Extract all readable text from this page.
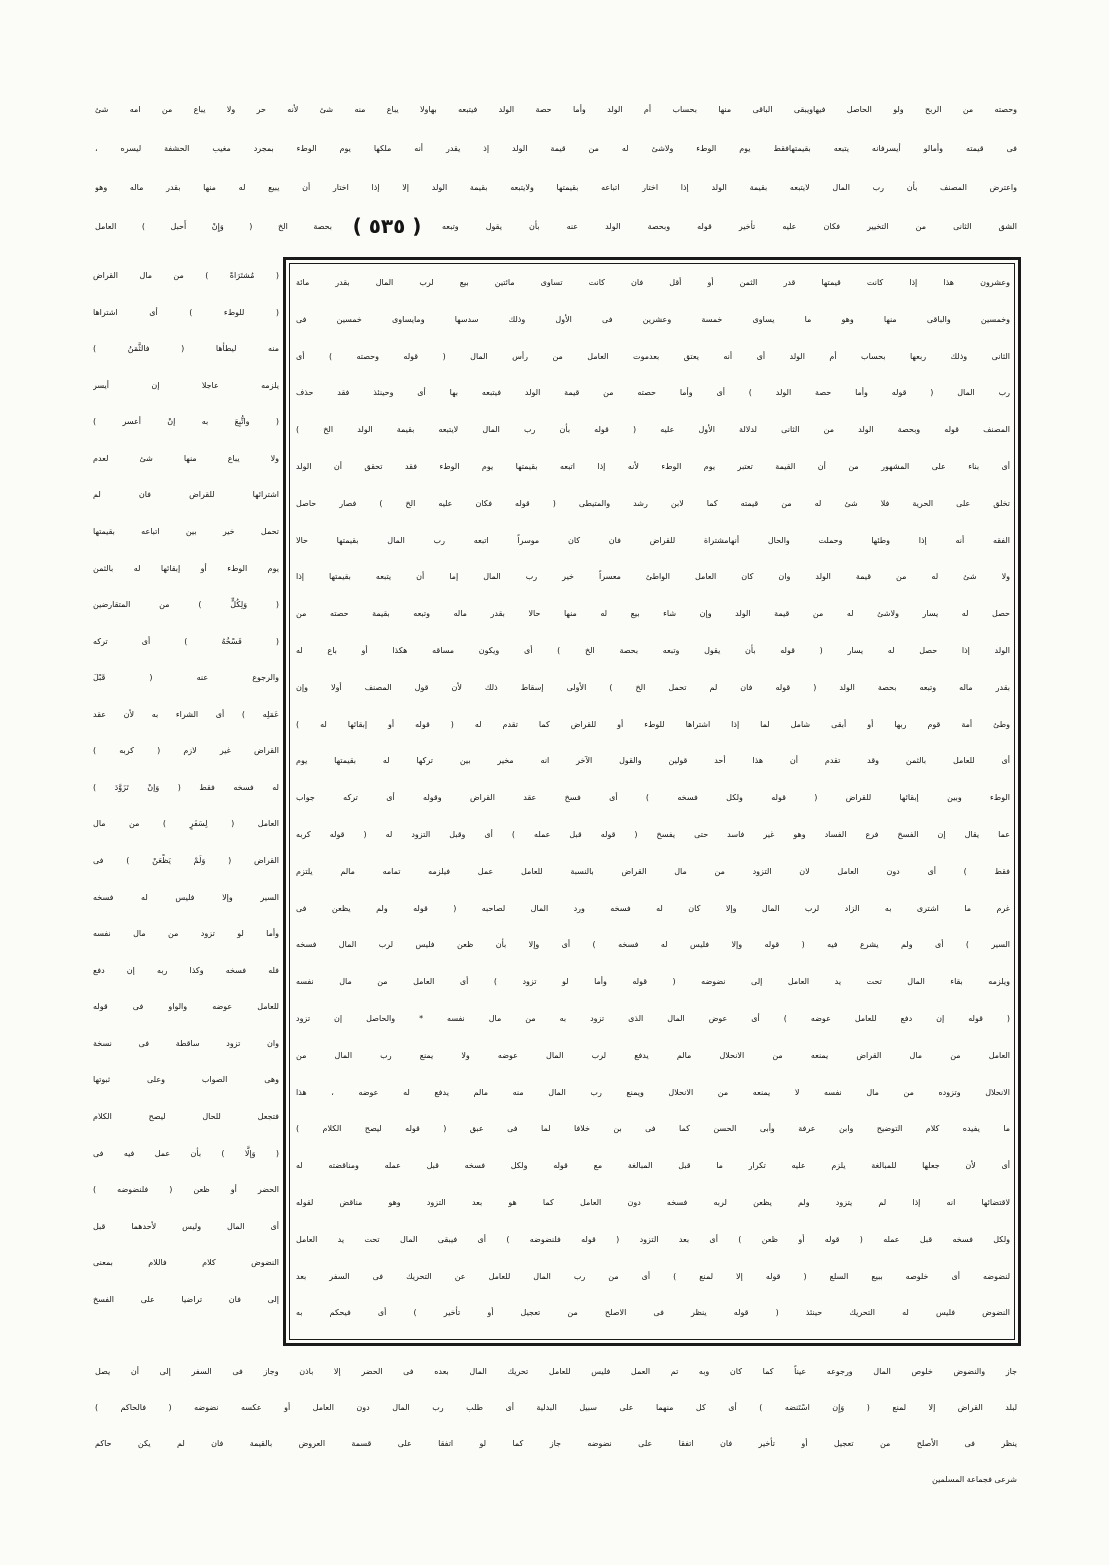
وحصته من الربح ولو الحاصل فيهاويبقى الباقى منها بحساب أم الولد وأما حصة الولد فيتبعه بهاولا يباع منه شئ لأنه حر ولا يباع من امه شئ
فى قيمته وأمالو أيسرفانه يتبعه بقيمتهافقط يوم الوطء ولاشئ له من قيمة الولد إذ يقدر أنه ملكها يوم الوطء بمجرد مغيب الحشفة ليسره ،
واعترض المصنف بأن رب المال لايتبعه بقيمة الولد إذا اختار اتباعه بقيمتها ولايتبعه بقيمة الولد إلا إذا اختار أن يبيع له منها بقدر ماله وهو
الشق الثانى من التخيير فكان عليه تأخير قوله وبحصة الولد عنه بأن يقول وتبعه
( ٥٣٥ )
بحصة الخ ( وَإِنْ أَحبل ) العامل
وعشرون هذا إذا كانت قيمتها قدر الثمن أو أقل فان كانت تساوى مائتين بيع لرب المال بقدر مائة
وخمسين والباقى منها وهو ما يساوى خمسة وعشرين فى الأول وذلك سدسها ومايساوى خمسين فى
الثانى وذلك ربعها بحساب أم الولد أى أنه يعتق بعدموت العامل من رأس المال ( قوله وحصته ) أى
رب المال ( قوله وأما حصة الولد ) أى وأما حصته من قيمة الولد فيتبعه بها أى وحينئذ فقد حذف
المصنف قوله وبحصة الولد من الثانى لدلالة الأول عليه ( قوله بأن رب المال لايتبعه بقيمة الولد الخ )
أى بناء على المشهور من أن القيمة تعتبر يوم الوطء لأنه إذا اتبعه بقيمتها يوم الوطء فقد تحقق أن الولد
تخلق على الحرية فلا شئ له من قيمته كما لابن رشد والمتيطى ( قوله فكان عليه الخ ) فصار حاصل
الفقه أنه إذا وطئها وحملت والحال أنهامشتراة للقراض فان كان موسراً اتبعه رب المال بقيمتها حالا
ولا شئ له من قيمة الولد وان كان العامل الواطئ معسراً خير رب المال إما أن يتبعه بقيمتها إذا
حصل له يسار ولاشئ له من قيمة الولد وإن شاء بيع له منها حالا بقدر ماله وتبعه بقيمة حصته من
الولد إذا حصل له يسار ( قوله بأن يقول وتبعه بحصة الخ ) أى ويكون مساقه هكذا أو باع له
بقدر ماله وتبعه بحصة الولد ( قوله فان لم تحمل الخ ) الأولى إسقاط ذلك لأن قول المصنف أولا وإن
وطئ أمة قوم ربها أو أبقى شامل لما إذا اشتراها للوطء أو للقراض كما تقدم له ( قوله أو إبقائها له )
أى للعامل بالثمن وقد تقدم أن هذا أحد قولين والقول الآخر انه مخير بين تركها له بقيمتها يوم
الوطء وبين إبقائها للقراض ( قوله ولكل فسخه ) أى فسخ عقد القراض وقوله أى تركه جواب
عما يقال إن الفسخ فرع الفساد وهو غير فاسد حتى يفسخ ( قوله قبل عمله ) أى وقبل التزود له ( قوله كربه
فقط ) أى دون العامل لان التزود من مال القراض بالنسبة للعامل عمل فيلزمه تمامه مالم يلتزم
غرم ما اشترى به الزاد لرب المال وإلا كان له فسخه ورد المال لصاحبه ( قوله ولم يظعن فى
السير ) أى ولم يشرع فيه ( قوله وإلا فليس له فسخه ) أى وإلا بأن ظعن فليس لرب المال فسخه
ويلزمه بقاء المال تحت يد العامل إلى نضوضه ( قوله وأما لو تزود ) أى العامل من مال نفسه
( قوله إن دفع للعامل عوضه ) أى عوض المال الذى تزود به من مال نفسه * والحاصل إن تزود
العامل من مال القراض يمنعه من الانحلال مالم يدفع لرب المال عوضه ولا يمنع رب المال من
الانحلال وتزوده من مال نفسه لا يمنعه من الانحلال ويمنع رب المال منه مالم يدفع له عوضه ، هذا
ما يفيده كلام التوضيح وابن عرفة وأبى الحسن كما فى بن خلافا لما فى عبق ( قوله ليصح الكلام )
أى لأن جعلها للمبالغة يلزم عليه تكرار ما قبل المبالغة مع قوله ولكل فسخه قبل عمله ومناقضته له
لاقتضائها انه إذا لم يتزود ولم يظعن لربه فسخه دون العامل كما هو بعد التزود وهو مناقض لقوله
ولكل فسخه قبل عمله ( قوله أو ظعن ) أى بعد التزود ( قوله فلنضوضه ) أى فيبقى المال تحت يد العامل
لنضوضه أى خلوصه ببيع السلع ( قوله إلا لمنع ) أى من رب المال للعامل عن التحريك فى السفر بعد
النضوض فليس له التحريك حينئذ ( قوله ينظر فى الاصلح من تعجيل أو تأخير ) أى فيحكم به
( مُشتَرَاةً ) من مال القراض
( للوطء ) أى اشتراها
منه ليطأها ( فالثَّمَنُ )
يلزمه عاجلا إن أيسر
( واتُّبِعَ به إنْ أعسر )
ولا يباع منها شئ لعدم
اشترائها للقراض فان لم
تحمل خير بين اتباعه بقيمتها
يوم الوطء أو إبقائها له بالثمن
( وَلِكُلٍّ ) من المتقارضين
( فَسْخُهُ ) أى تركه
والرجوع عنه ( قَبْلَ
عَمَلِه ) أى الشراء به لأن عقد
القراض غير لازم ( كربه )
له فسخه فقط ( وَإنْ تَزَوَّدَ )
العامل ( لِسَفَرٍ ) من مال
القراض ( وَلَمْ يَظْعَنْ ) فى
السير وإلا فليس له فسخه
وأما لو تزود من مال نفسه
فله فسخه وكذا ربه إن دفع
للعامل عوضه والواو فى قوله
وان تزود ساقطة فى نسخة
وهى الصواب وعلى ثبوتها
فتجعل للحال ليصح الكلام
( وَإلَّا ) بأن عمل فيه فى
الحضر أو ظعن ( فلنضوضه )
أى المال وليس لأحدهما قبل
النضوض كلام فاللام بمعنى
إلى فان تراضيا على الفسخ
جاز والنضوض خلوص المال ورجوعه عيناً كما كان وبه تم العمل فليس للعامل تحريك المال بعده فى الحضر إلا باذن وجاز فى السفر إلى أن يصل
لبلد القراض إلا لمنع ( وَإِن اسْتَنضه ) أى كل منهما على سبيل البدلية أى طلب رب المال دون العامل أو عكسه نضوضه ( فالحاكم )
ينظر فى الأصلح من تعجيل أو تأخير فان اتفقا على نضوضه جاز كما لو اتفقا على قسمة العروض بالقيمة فان لم يكن حاكم
شرعى فجماعة المسلمين
